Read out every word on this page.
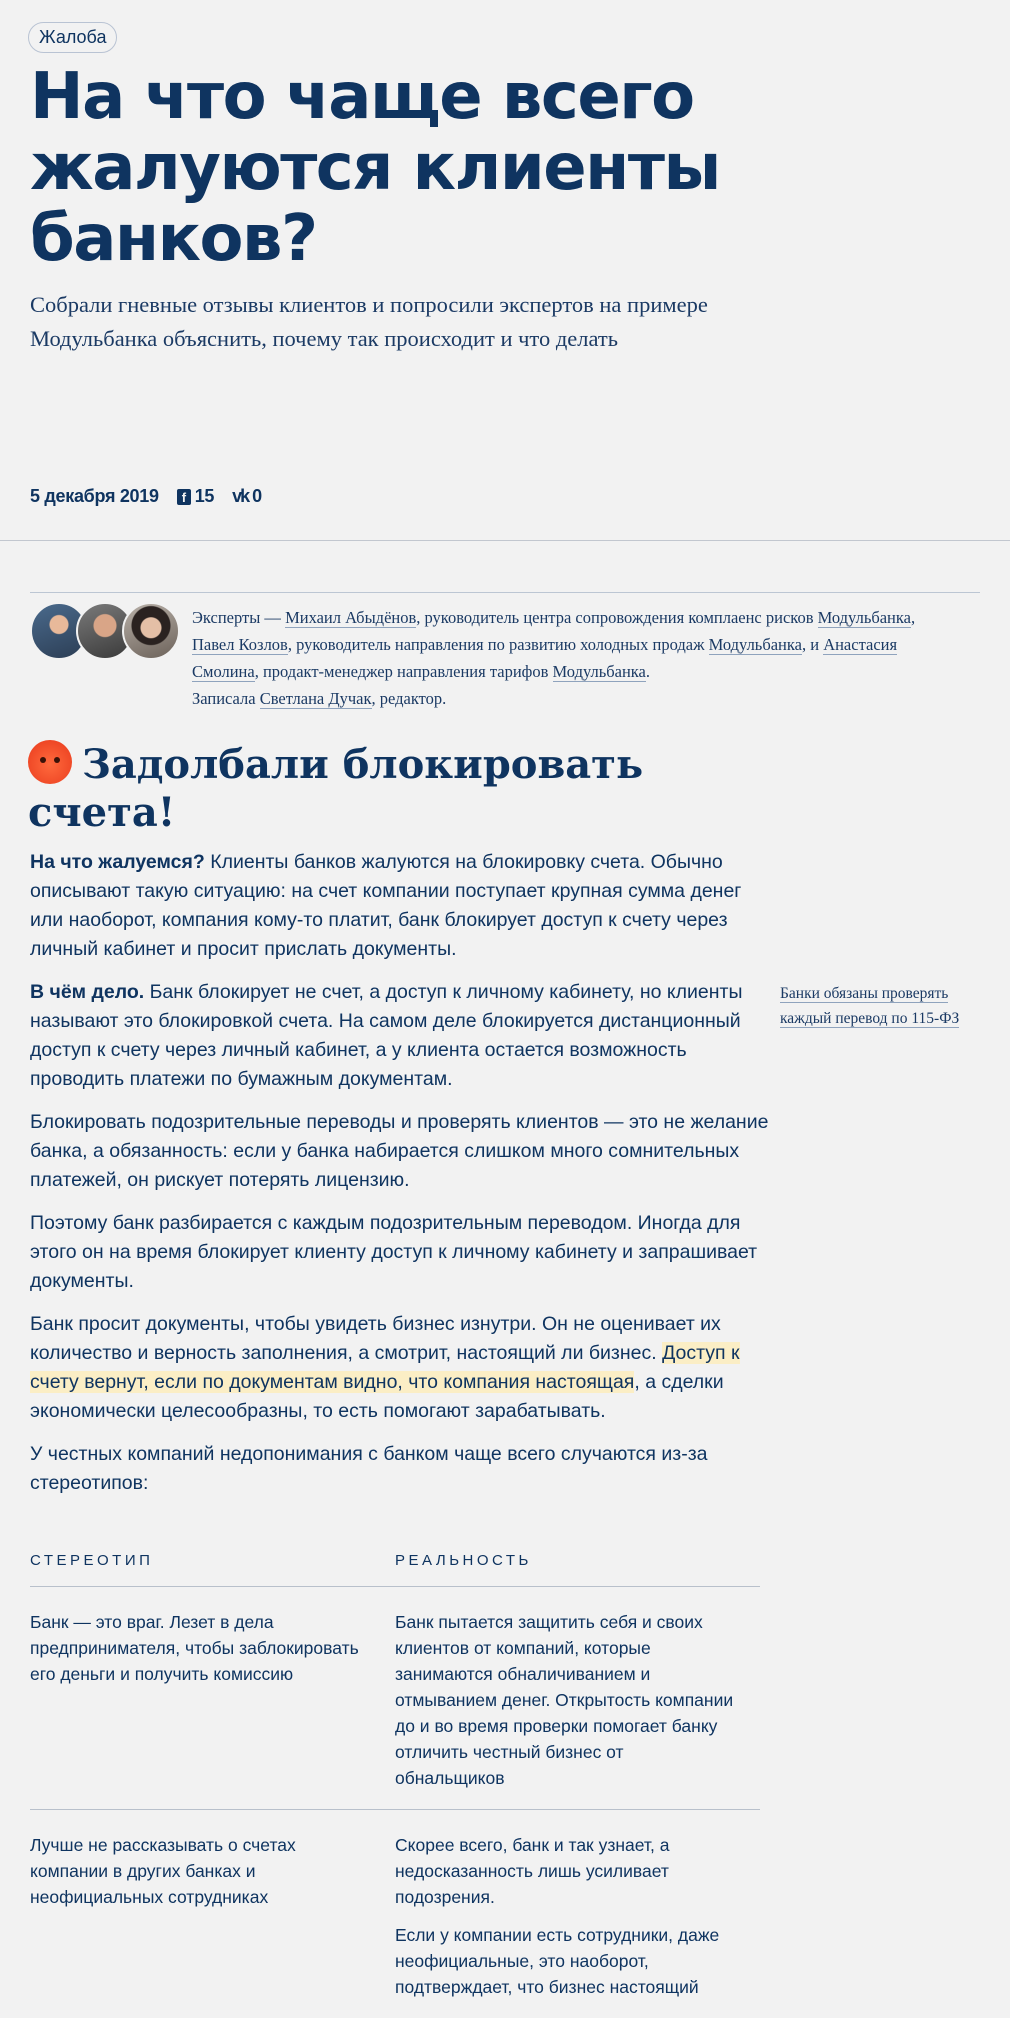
Жалоба
На что чаще всего жалуются клиенты банков?

Собрали гневные отзывы клиентов и попросили экспертов на примере Модульбанка объяснить, почему так происходит и что делать

5 декабря 2019	f 15 vk 0

Эксперты — Михаил Абыдёнов, руководитель центра сопровождения комплаенс рисков Модульбанка, Павел Козлов, руководитель направления по развитию холодных продаж Модульбанка, и Анастасия Смолина, продакт-менеджер направления тарифов Модульбанка.
Записала Светлана Дучак, редактор.

Задолбали блокировать счета!

На что жалуемся? Клиенты банков жалуются на блокировку счета. Обычно описывают такую ситуацию: на счет компании поступает крупная сумма денег или наоборот, компания кому-то платит, банк блокирует доступ к счету через личный кабинет и просит прислать документы.

В чём дело. Банк блокирует не счет, а доступ к личному кабинету, но клиенты называют это блокировкой счета. На самом деле блокируется дистанционный доступ к счету через личный кабинет, а у клиента остается возможность проводить платежи по бумажным документам.

Блокировать подозрительные переводы и проверять клиентов — это не желание банка, а обязанность: если у банка набирается слишком много сомнительных платежей, он рискует потерять лицензию.

Поэтому банк разбирается с каждым подозрительным переводом. Иногда для этого он на время блокирует клиенту доступ к личному кабинету и запрашивает документы.

Банк просит документы, чтобы увидеть бизнес изнутри. Он не оценивает их количество и верность заполнения, а смотрит, настоящий ли бизнес. Доступ к счету вернут, если по документам видно, что компания настоящая, а сделки экономически целесообразны, то есть помогают зарабатывать.

У честных компаний недопонимания с банком чаще всего случаются из-за стереотипов:

Банки обязаны проверять каждый перевод по 115-ФЗ

СТЕРЕОТИП	РЕАЛЬНОСТЬ
Банк — это враг. Лезет в дела предпринимателя, чтобы заблокировать его деньги и получить комиссию

Банк пытается защитить себя и своих клиентов от компаний, которые занимаются обналичиванием и отмыванием денег. Открытость компании до и во время проверки помогает банку отличить честный бизнес от обнальщиков

Лучше не рассказывать о счетах компании в других банках и неофициальных сотрудниках

Скорее всего, банк и так узнает, а недосказанность лишь усиливает подозрения.

Если у компании есть сотрудники, даже неофициальные, это наоборот, подтверждает, что бизнес настоящий
